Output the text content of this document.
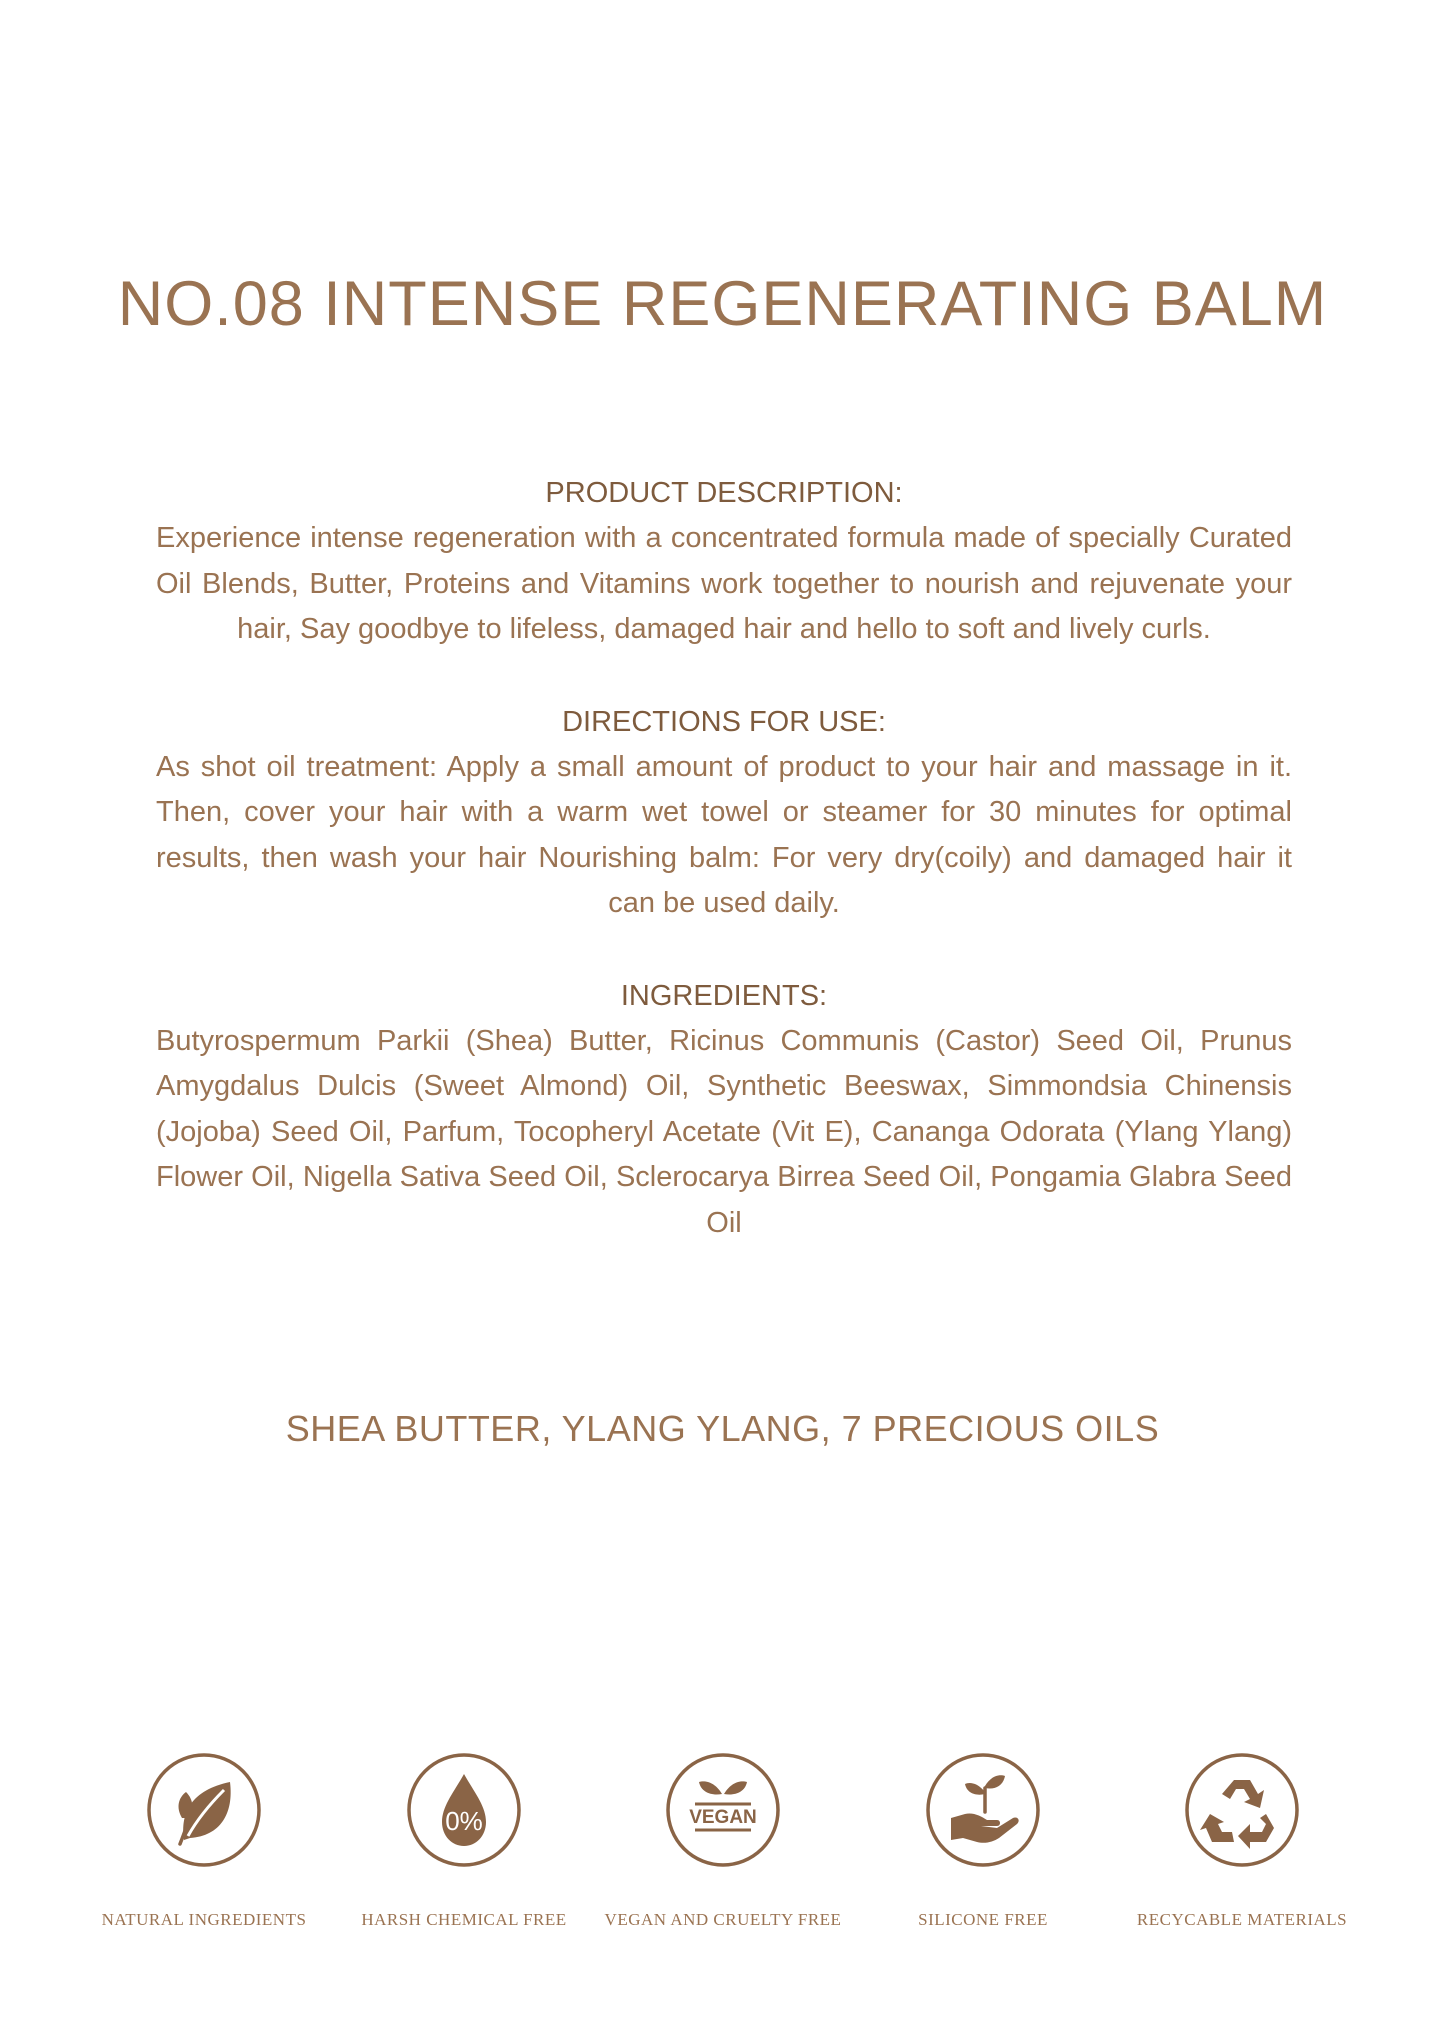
NO.08 INTENSE REGENERATING BALM
PRODUCT DESCRIPTION:

Experience intense regeneration with a concentrated formula made of specially Curated Oil Blends, Butter, Proteins and Vitamins work together to nourish and rejuvenate your hair, Say goodbye to lifeless, damaged hair and hello to soft and lively curls.

DIRECTIONS FOR USE:

As shot oil treatment: Apply a small amount of product to your hair and massage in it. Then, cover your hair with a warm wet towel or steamer for 30 minutes for optimal results, then wash your hair Nourishing balm: For very dry(coily) and damaged hair it can be used daily.

INGREDIENTS:

Butyrospermum Parkii (Shea) Butter, Ricinus Communis (Castor) Seed Oil, Prunus Amygdalus Dulcis (Sweet Almond) Oil, Synthetic Beeswax, Simmondsia Chinensis (Jojoba) Seed Oil, Parfum, Tocopheryl Acetate (Vit E), Cananga Odorata (Ylang Ylang) Flower Oil, Nigella Sativa Seed Oil, Sclerocarya Birrea Seed Oil, Pongamia Glabra Seed Oil

SHEA BUTTER, YLANG YLANG, 7 PRECIOUS OILS
NATURAL INGREDIENTS
0%
HARSH CHEMICAL FREE
VEGAN
VEGAN AND CRUELTY FREE	SILICONE FREE	RECYCABLE MATERIALS
